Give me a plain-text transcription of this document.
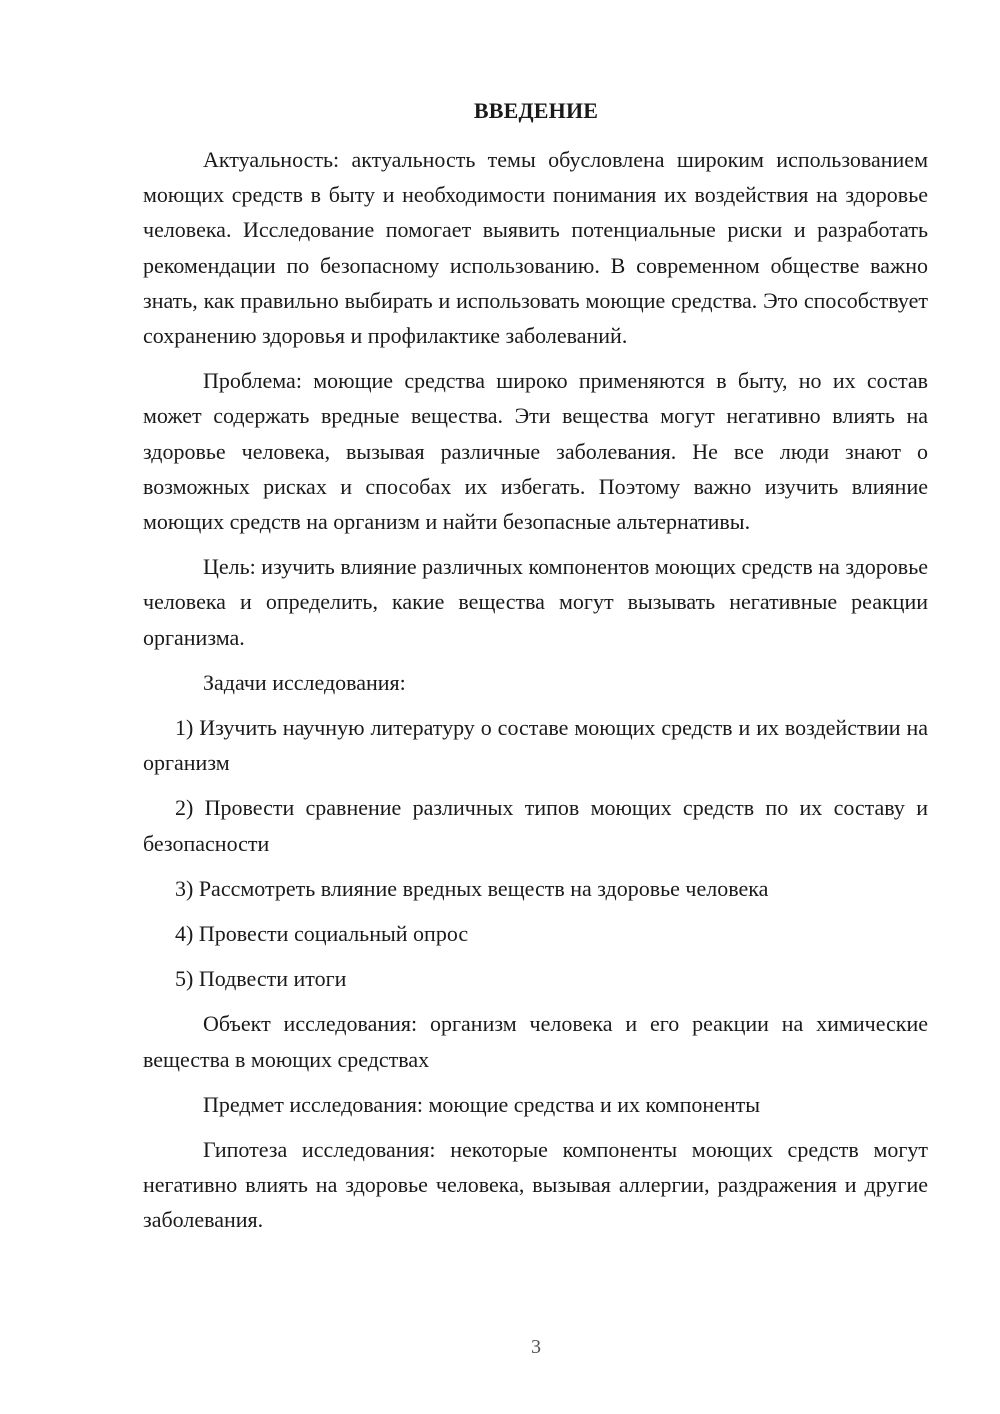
ВВЕДЕНИЕ

Актуальность: актуальность темы обусловлена широким использованием моющих средств в быту и необходимости понимания их воздействия на здоровье человека. Исследование помогает выявить потенциальные риски и разработать рекомендации по безопасному использованию. В современном обществе важно знать, как правильно выбирать и использовать моющие средства. Это способствует сохранению здоровья и профилактике заболеваний.

Проблема: моющие средства широко применяются в быту, но их состав может содержать вредные вещества. Эти вещества могут негативно влиять на здоровье человека, вызывая различные заболевания. Не все люди знают о возможных рисках и способах их избегать. Поэтому важно изучить влияние моющих средств на организм и найти безопасные альтернативы.

Цель: изучить влияние различных компонентов моющих средств на здоровье человека и определить, какие вещества могут вызывать негативные реакции организма.

Задачи исследования:

1) Изучить научную литературу о составе моющих средств и их воздействии на организм

2) Провести сравнение различных типов моющих средств по их составу и безопасности

3) Рассмотреть влияние вредных веществ на здоровье человека

4) Провести социальный опрос

5) Подвести итоги

Объект исследования: организм человека и его реакции на химические вещества в моющих средствах

Предмет исследования: моющие средства и их компоненты

Гипотеза исследования: некоторые компоненты моющих средств могут негативно влиять на здоровье человека, вызывая аллергии, раздражения и другие заболевания.

3
